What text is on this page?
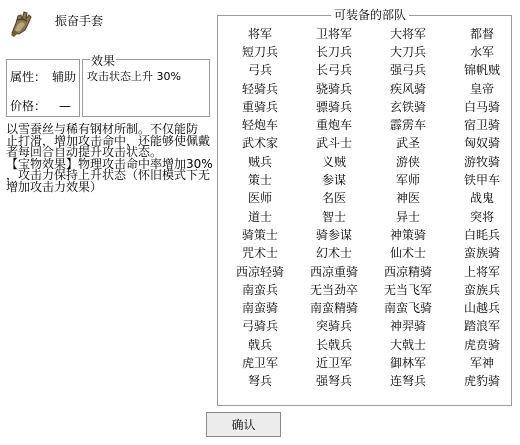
振奋手套
属性： 辅助
价格： —
攻击状态上升 30%
效果
以雪蚕丝与稀有钢材所制。不仅能防
止打滑，增加攻击命中，还能够使佩戴
者每回合自动提升攻击状态。
【宝物效果】物理攻击命中率增加30%
，攻击力保持上升状态（怀旧模式下无
增加攻击力效果）
将军	卫将军	大将军	都督
短刀兵	长刀兵	大刀兵	水军
弓兵	长弓兵	强弓兵	锦帆贼
轻骑兵	骁骑兵	疾风骑	皇帝
重骑兵	骠骑兵	玄铁骑	白马骑
轻炮车	重炮车	霹雳车	宿卫骑
武术家	武斗士	武圣	匈奴骑
贼兵	义贼	游侠	游牧骑
策士	参谋	军师	铁甲车
医师	名医	神医	战鬼
道士	智士	异士	突将
骑策士	骑参谋	神策骑	白眊兵
咒术士	幻术士	仙术士	蛮族骑
西凉轻骑	西凉重骑	西凉精骑	上将军
南蛮兵	无当劲卒	无当飞军	蛮族兵
南蛮骑	南蛮精骑	南蛮飞骑	山越兵
弓骑兵	突骑兵	神羿骑	踏浪军
戟兵	长戟兵	大戟士	虎贲骑
虎卫军	近卫军	御林军	军神
弩兵	强弩兵	连弩兵	虎豹骑
可装备的部队
确认
